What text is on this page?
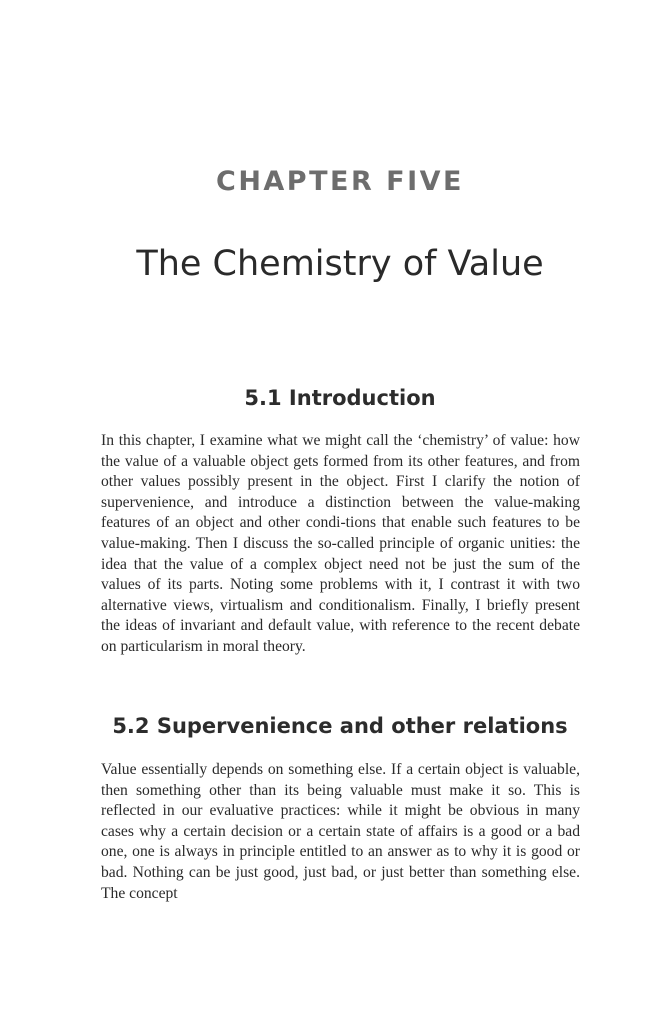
CHAPTER FIVE
The Chemistry of Value
5.1 Introduction
In this chapter, I examine what we might call the ‘chemistry’ of value: how the value of a valuable object gets formed from its other features, and from other values possibly present in the object. First I clarify the notion of supervenience, and introduce a distinction between the value-making features of an object and other condi-tions that enable such features to be value-making. Then I discuss the so-called principle of organic unities: the idea that the value of a complex object need not be just the sum of the values of its parts. Noting some problems with it, I contrast it with two alternative views, virtualism and conditionalism. Finally, I briefly present the ideas of invariant and default value, with reference to the recent debate on particularism in moral theory.
5.2 Supervenience and other relations
Value essentially depends on something else. If a certain object is valuable, then something other than its being valuable must make it so. This is reflected in our evaluative practices: while it might be obvious in many cases why a certain decision or a certain state of affairs is a good or a bad one, one is always in principle entitled to an answer as to why it is good or bad. Nothing can be just good, just bad, or just better than something else. The concept
